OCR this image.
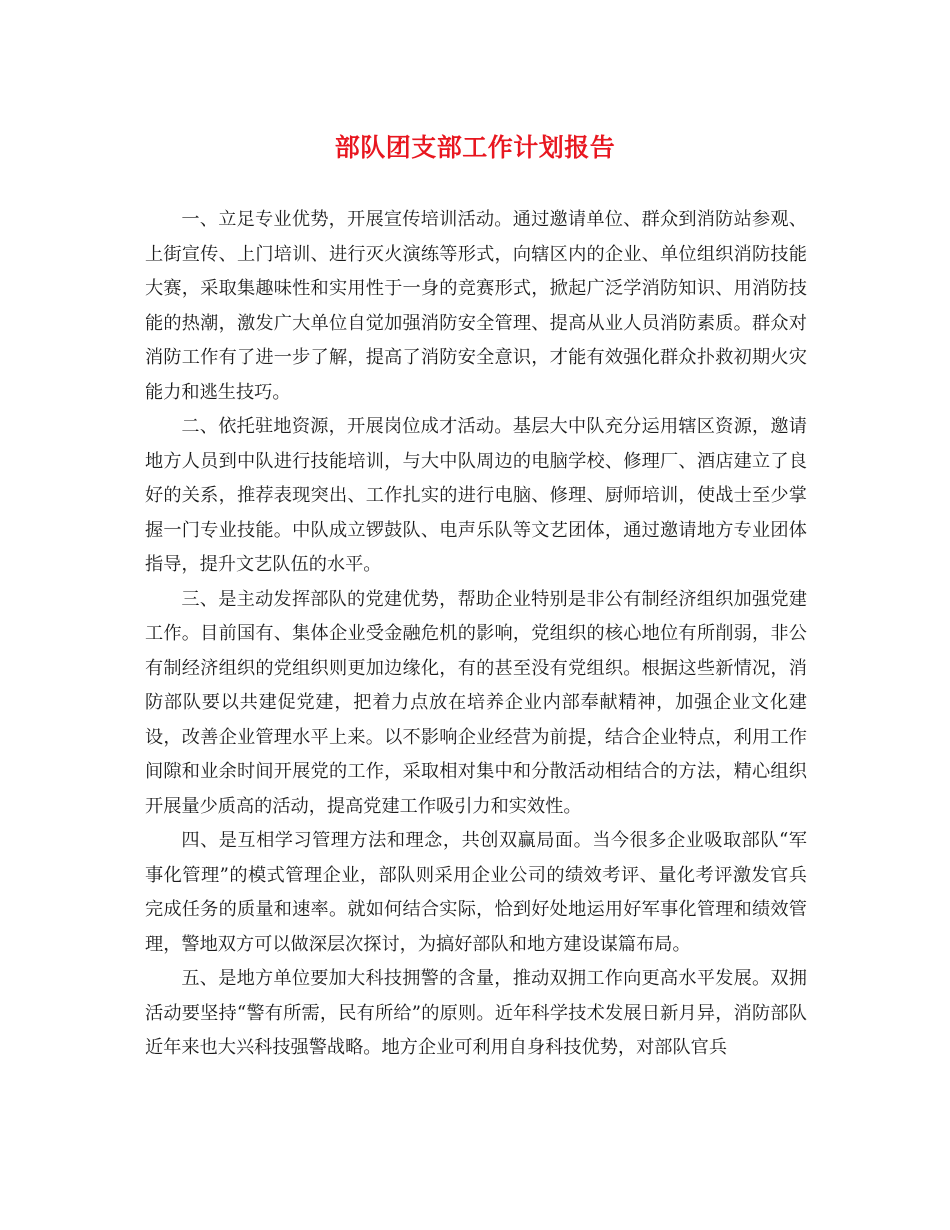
部队团支部工作计划报告

一、立足专业优势，开展宣传培训活动。通过邀请单位、群众到消防站参观、上街宣传、上门培训、进行灭火演练等形式，向辖区内的企业、单位组织消防技能大赛，采取集趣味性和实用性于一身的竞赛形式，掀起广泛学消防知识、用消防技能的热潮，激发广大单位自觉加强消防安全管理、提高从业人员消防素质。群众对消防工作有了进一步了解，提高了消防安全意识，才能有效强化群众扑救初期火灾能力和逃生技巧。

二、依托驻地资源，开展岗位成才活动。基层大中队充分运用辖区资源，邀请地方人员到中队进行技能培训，与大中队周边的电脑学校、修理厂、酒店建立了良好的关系，推荐表现突出、工作扎实的进行电脑、修理、厨师培训，使战士至少掌握一门专业技能。中队成立锣鼓队、电声乐队等文艺团体，通过邀请地方专业团体指导，提升文艺队伍的水平。

三、是主动发挥部队的党建优势，帮助企业特别是非公有制经济组织加强党建工作。目前国有、集体企业受金融危机的影响，党组织的核心地位有所削弱，非公有制经济组织的党组织则更加边缘化，有的甚至没有党组织。根据这些新情况，消防部队要以共建促党建，把着力点放在培养企业内部奉献精神，加强企业文化建设，改善企业管理水平上来。以不影响企业经营为前提，结合企业特点，利用工作间隙和业余时间开展党的工作，采取相对集中和分散活动相结合的方法，精心组织开展量少质高的活动，提高党建工作吸引力和实效性。

四、是互相学习管理方法和理念，共创双赢局面。当今很多企业吸取部队“军事化管理”的模式管理企业，部队则采用企业公司的绩效考评、量化考评激发官兵完成任务的质量和速率。就如何结合实际，恰到好处地运用好军事化管理和绩效管理，警地双方可以做深层次探讨，为搞好部队和地方建设谋篇布局。

五、是地方单位要加大科技拥警的含量，推动双拥工作向更高水平发展。双拥活动要坚持“警有所需，民有所给”的原则。近年科学技术发展日新月异，消防部队近年来也大兴科技强警战略。地方企业可利用自身科技优势，对部队官兵
